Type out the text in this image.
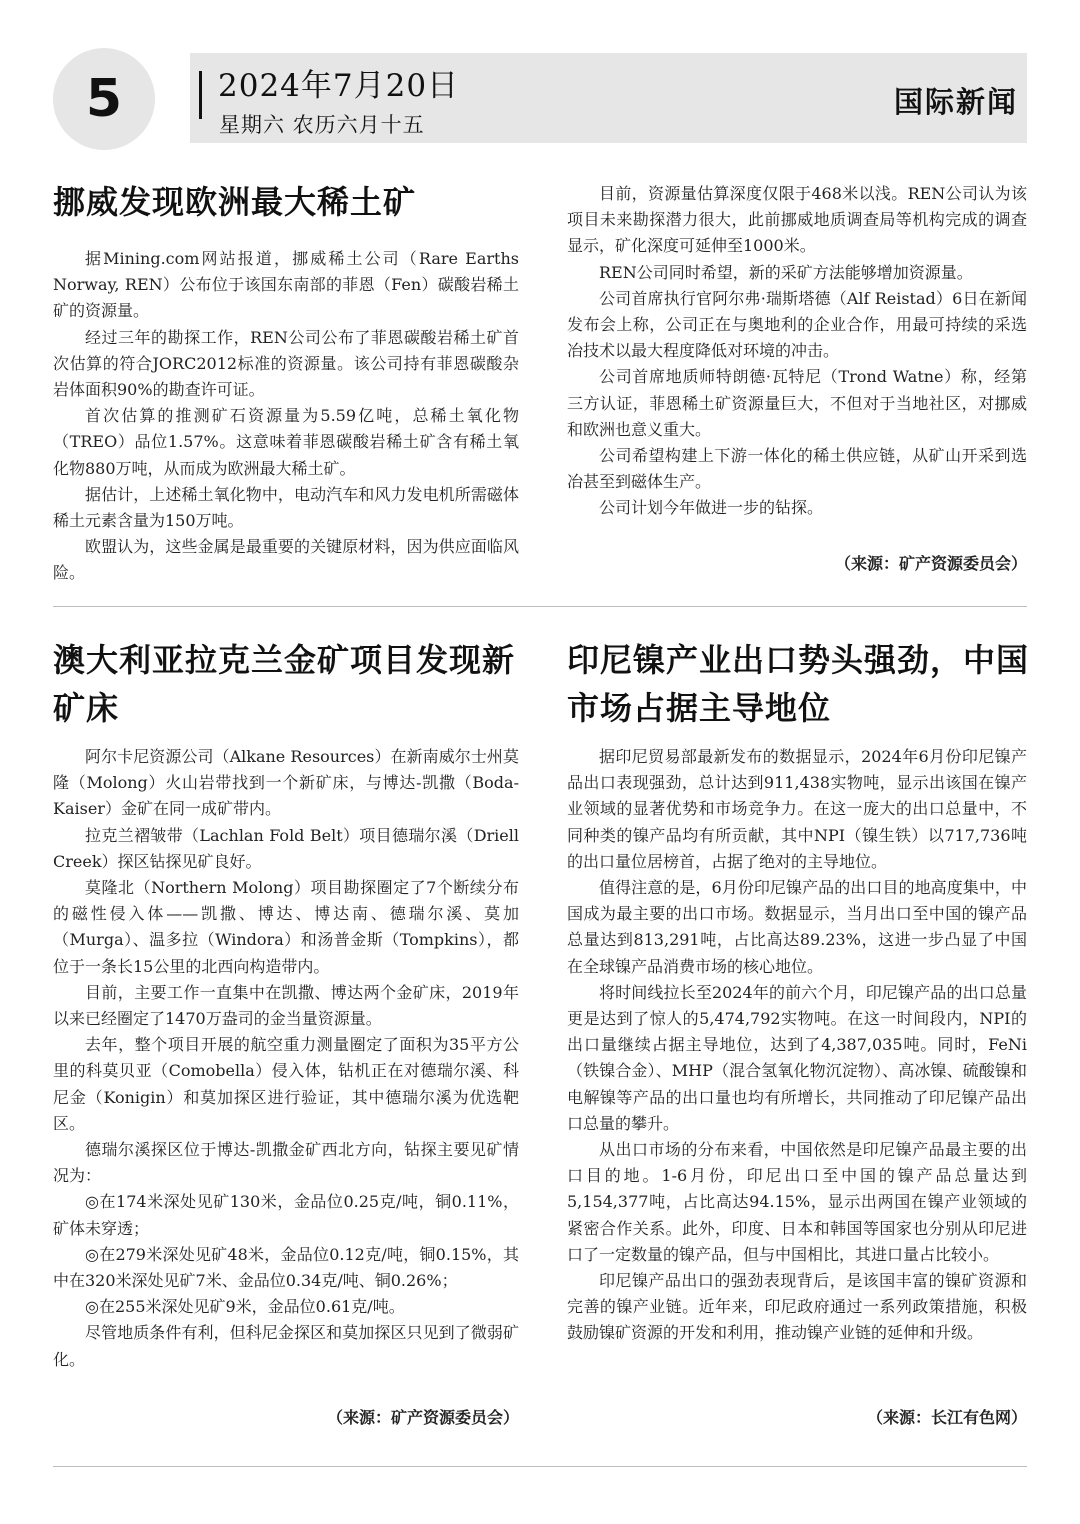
5	2024年7月20日
星期六 农历六月十五
国际新闻
挪威发现欧洲最大稀土矿

据Mining.com网站报道，挪威稀土公司（Rare Earths Norway, REN）公布位于该国东南部的菲恩（Fen）碳酸岩稀土矿的资源量。

经过三年的勘探工作，REN公司公布了菲恩碳酸岩稀土矿首次估算的符合JORC2012标准的资源量。该公司持有菲恩碳酸杂岩体面积90%的勘查许可证。

首次估算的推测矿石资源量为5.59亿吨，总稀土氧化物（TREO）品位1.57%。这意味着菲恩碳酸岩稀土矿含有稀土氧化物880万吨，从而成为欧洲最大稀土矿。

据估计，上述稀土氧化物中，电动汽车和风力发电机所需磁体稀土元素含量为150万吨。

欧盟认为，这些金属是最重要的关键原材料，因为供应面临风险。

目前，资源量估算深度仅限于468米以浅。REN公司认为该项目未来勘探潜力很大，此前挪威地质调查局等机构完成的调查显示，矿化深度可延伸至1000米。

REN公司同时希望，新的采矿方法能够增加资源量。

公司首席执行官阿尔弗·瑞斯塔德（Alf Reistad）6日在新闻发布会上称，公司正在与奥地利的企业合作，用最可持续的采选冶技术以最大程度降低对环境的冲击。

公司首席地质师特朗德·瓦特尼（Trond Watne）称，经第三方认证，菲恩稀土矿资源量巨大，不但对于当地社区，对挪威和欧洲也意义重大。

公司希望构建上下游一体化的稀土供应链，从矿山开采到选冶甚至到磁体生产。

公司计划今年做进一步的钻探。

（来源：矿产资源委员会）
澳大利亚拉克兰金矿项目发现新矿床

阿尔卡尼资源公司（Alkane Resources）在新南威尔士州莫隆（Molong）火山岩带找到一个新矿床，与博达-凯撒（Boda-Kaiser）金矿在同一成矿带内。

拉克兰褶皱带（Lachlan Fold Belt）项目德瑞尔溪（Driell Creek）探区钻探见矿良好。

莫隆北（Northern Molong）项目勘探圈定了7个断续分布的磁性侵入体——凯撒、博达、博达南、德瑞尔溪、莫加（Murga）、温多拉（Windora）和汤普金斯（Tompkins），都位于一条长15公里的北西向构造带内。

目前，主要工作一直集中在凯撒、博达两个金矿床，2019年以来已经圈定了1470万盎司的金当量资源量。

去年，整个项目开展的航空重力测量圈定了面积为35平方公里的科莫贝亚（Comobella）侵入体，钻机正在对德瑞尔溪、科尼金（Konigin）和莫加探区进行验证，其中德瑞尔溪为优选靶区。

德瑞尔溪探区位于博达-凯撒金矿西北方向，钻探主要见矿情况为：

◎在174米深处见矿130米，金品位0.25克/吨，铜0.11%，矿体未穿透；

◎在279米深处见矿48米，金品位0.12克/吨，铜0.15%，其中在320米深处见矿7米、金品位0.34克/吨、铜0.26%；

◎在255米深处见矿9米，金品位0.61克/吨。

尽管地质条件有利，但科尼金探区和莫加探区只见到了微弱矿化。

（来源：矿产资源委员会）
印尼镍产业出口势头强劲，中国市场占据主导地位

据印尼贸易部最新发布的数据显示，2024年6月份印尼镍产品出口表现强劲，总计达到911,438实物吨，显示出该国在镍产业领域的显著优势和市场竞争力。在这一庞大的出口总量中，不同种类的镍产品均有所贡献，其中NPI（镍生铁）以717,736吨的出口量位居榜首，占据了绝对的主导地位。

值得注意的是，6月份印尼镍产品的出口目的地高度集中，中国成为最主要的出口市场。数据显示，当月出口至中国的镍产品总量达到813,291吨，占比高达89.23%，这进一步凸显了中国在全球镍产品消费市场的核心地位。

将时间线拉长至2024年的前六个月，印尼镍产品的出口总量更是达到了惊人的5,474,792实物吨。在这一时间段内，NPI的出口量继续占据主导地位，达到了4,387,035吨。同时，FeNi（铁镍合金）、MHP（混合氢氧化物沉淀物）、高冰镍、硫酸镍和电解镍等产品的出口量也均有所增长，共同推动了印尼镍产品出口总量的攀升。

从出口市场的分布来看，中国依然是印尼镍产品最主要的出口目的地。1-6月份，印尼出口至中国的镍产品总量达到5,154,377吨，占比高达94.15%，显示出两国在镍产业领域的紧密合作关系。此外，印度、日本和韩国等国家也分别从印尼进口了一定数量的镍产品，但与中国相比，其进口量占比较小。

印尼镍产品出口的强劲表现背后，是该国丰富的镍矿资源和完善的镍产业链。近年来，印尼政府通过一系列政策措施，积极鼓励镍矿资源的开发和利用，推动镍产业链的延伸和升级。

（来源：长江有色网）
